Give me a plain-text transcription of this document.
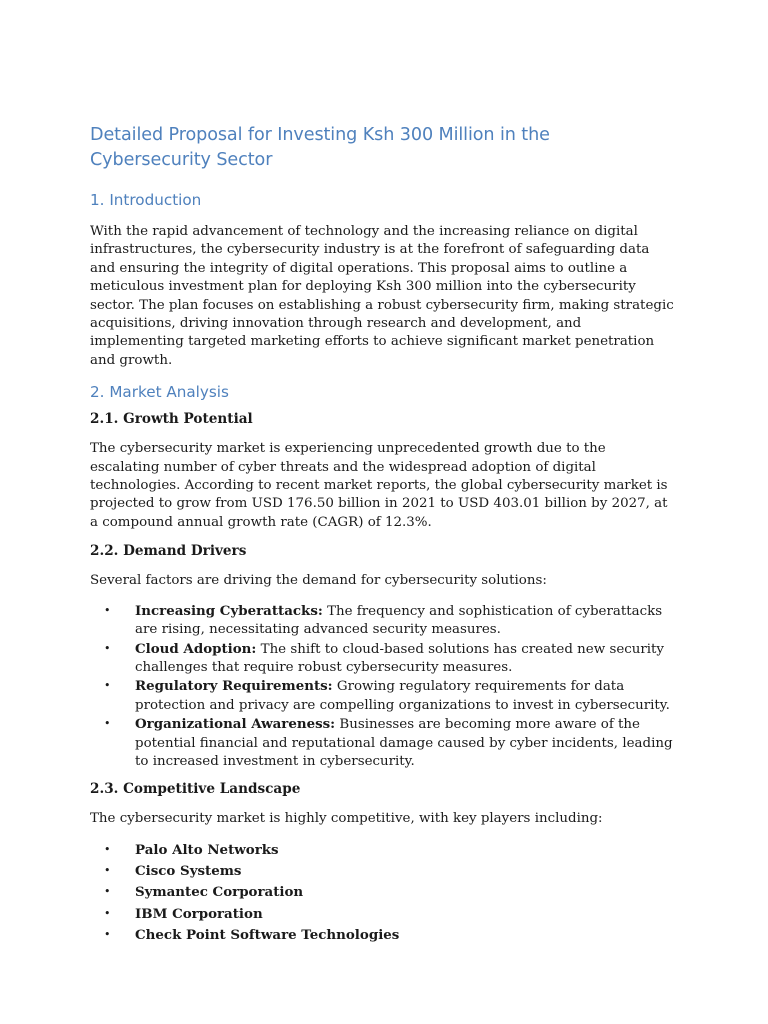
Detailed Proposal for Investing Ksh 300 Million in the Cybersecurity Sector
1. Introduction

With the rapid advancement of technology and the increasing reliance on digital infrastructures, the cybersecurity industry is at the forefront of safeguarding data and ensuring the integrity of digital operations. This proposal aims to outline a meticulous investment plan for deploying Ksh 300 million into the cybersecurity sector. The plan focuses on establishing a robust cybersecurity firm, making strategic acquisitions, driving innovation through research and development, and implementing targeted marketing efforts to achieve significant market penetration and growth.

2. Market Analysis
2.1. Growth Potential

The cybersecurity market is experiencing unprecedented growth due to the escalating number of cyber threats and the widespread adoption of digital technologies. According to recent market reports, the global cybersecurity market is projected to grow from USD 176.50 billion in 2021 to USD 403.01 billion by 2027, at a compound annual growth rate (CAGR) of 12.3%.

2.2. Demand Drivers

Several factors are driving the demand for cybersecurity solutions:

• Increasing Cyberattacks: The frequency and sophistication of cyberattacks are rising, necessitating advanced security measures.
• Cloud Adoption: The shift to cloud-based solutions has created new security challenges that require robust cybersecurity measures.
• Regulatory Requirements: Growing regulatory requirements for data protection and privacy are compelling organizations to invest in cybersecurity.
• Organizational Awareness: Businesses are becoming more aware of the potential financial and reputational damage caused by cyber incidents, leading to increased investment in cybersecurity.
2.3. Competitive Landscape

The cybersecurity market is highly competitive, with key players including:

• Palo Alto Networks
• Cisco Systems
• Symantec Corporation
• IBM Corporation
• Check Point Software Technologies
